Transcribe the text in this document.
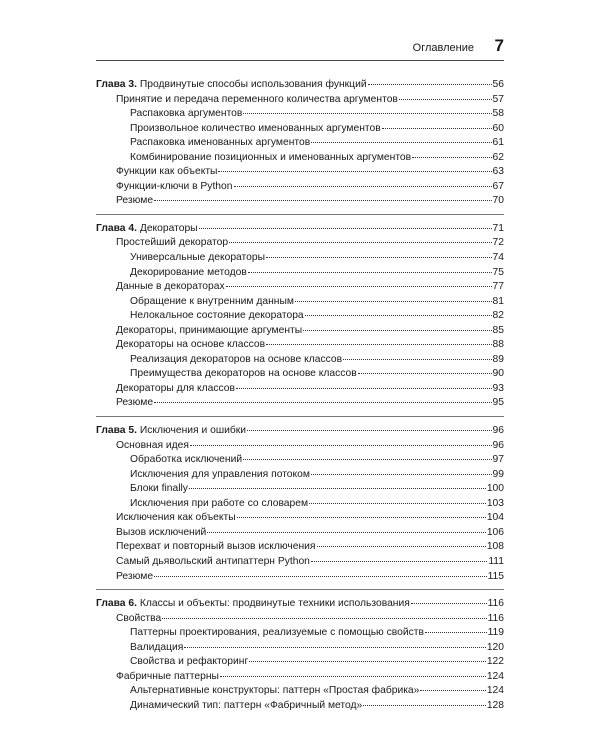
Оглавление 7
Глава 3. Продвинутые способы использования функций	56
Принятие и передача переменного количества аргументов	57
Распаковка аргументов	58
Произвольное количество именованных аргументов	60
Распаковка именованных аргументов	61
Комбинирование позиционных и именованных аргументов	62
Функции как объекты	63
Функции-ключи в Python	67
Резюме	70
Глава 4. Декораторы	71
Простейший декоратор	72
Универсальные декораторы	74
Декорирование методов	75
Данные в декораторах	77
Обращение к внутренним данным	81
Нелокальное состояние декоратора	82
Декораторы, принимающие аргументы	85
Декораторы на основе классов	88
Реализация декораторов на основе классов	89
Преимущества декораторов на основе классов	90
Декораторы для классов	93
Резюме	95
Глава 5. Исключения и ошибки	96
Основная идея	96
Обработка исключений	97
Исключения для управления потоком	99
Блоки finally	100
Исключения при работе со словарем	103
Исключения как объекты	104
Вызов исключений	106
Перехват и повторный вызов исключения	108
Самый дьявольский антипаттерн Python	111
Резюме	115
Глава 6. Классы и объекты: продвинутые техники использования	116
Свойства	116
Паттерны проектирования, реализуемые с помощью свойств	119
Валидация	120
Свойства и рефакторинг	122
Фабричные паттерны	124
Альтернативные конструкторы: паттерн «Простая фабрика»	124
Динамический тип: паттерн «Фабричный метод»	128
